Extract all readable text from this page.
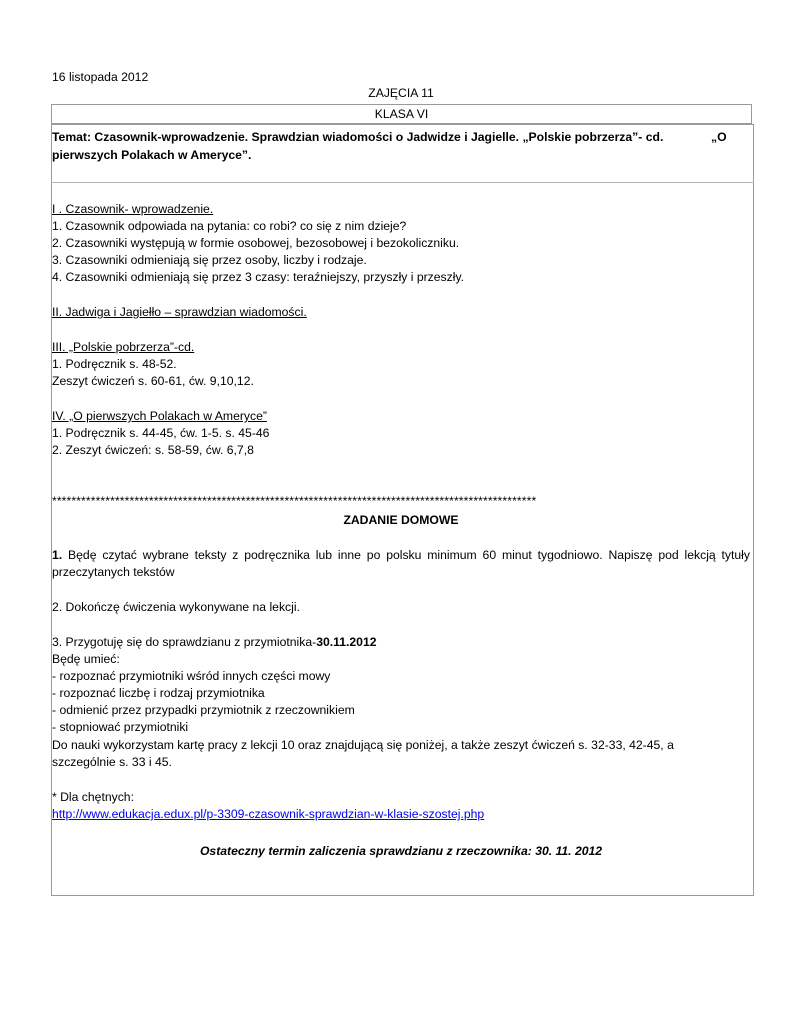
16 listopada 2012
ZAJĘCIA 11
KLASA VI
Temat: Czasownik-wprowadzenie. Sprawdzian wiadomości o Jadwidze i Jagielle. „Polskie pobrzerza”- cd.	„O

pierwszych Polakach w Ameryce”.
I . Czasownik- wprowadzenie.
1. Czasownik odpowiada na pytania: co robi? co się z nim dzieje?
2. Czasowniki występują w formie osobowej, bezosobowej i bezokoliczniku.
3. Czasowniki odmieniają się przez osoby, liczby i rodzaje.
4. Czasowniki odmieniają się przez 3 czasy: teraźniejszy, przyszły i przeszły.
II. Jadwiga i Jagiełło – sprawdzian wiadomości.
III. „Polskie pobrzerza”-cd.
1. Podręcznik s. 48-52.
Zeszyt ćwiczeń s. 60-61, ćw. 9,10,12.
IV. „O pierwszych Polakach w Ameryce”
1. Podręcznik s. 44-45, ćw. 1-5. s. 45-46
2. Zeszyt ćwiczeń: s. 58-59, ćw. 6,7,8
****************************************************************************************************
ZADANIE DOMOWE
1. Będę czytać wybrane teksty z podręcznika lub inne po polsku minimum 60 minut tygodniowo. Napiszę pod lekcją tytuły przeczytanych tekstów
2. Dokończę ćwiczenia wykonywane na lekcji.
3. Przygotuję się do sprawdzianu z przymiotnika-30.11.2012
Będę umieć:
- rozpoznać przymiotniki wśród innych części mowy
- rozpoznać liczbę i rodzaj przymiotnika
- odmienić przez przypadki przymiotnik z rzeczownikiem
- stopniować przymiotniki
Do nauki wykorzystam kartę pracy z lekcji 10 oraz znajdującą się poniżej, a także zeszyt ćwiczeń s. 32-33, 42-45, a
szczególnie s. 33 i 45.
* Dla chętnych:
http://www.edukacja.edux.pl/p-3309-czasownik-sprawdzian-w-klasie-szostej.php
Ostateczny termin zaliczenia sprawdzianu z rzeczownika: 30. 11. 2012
